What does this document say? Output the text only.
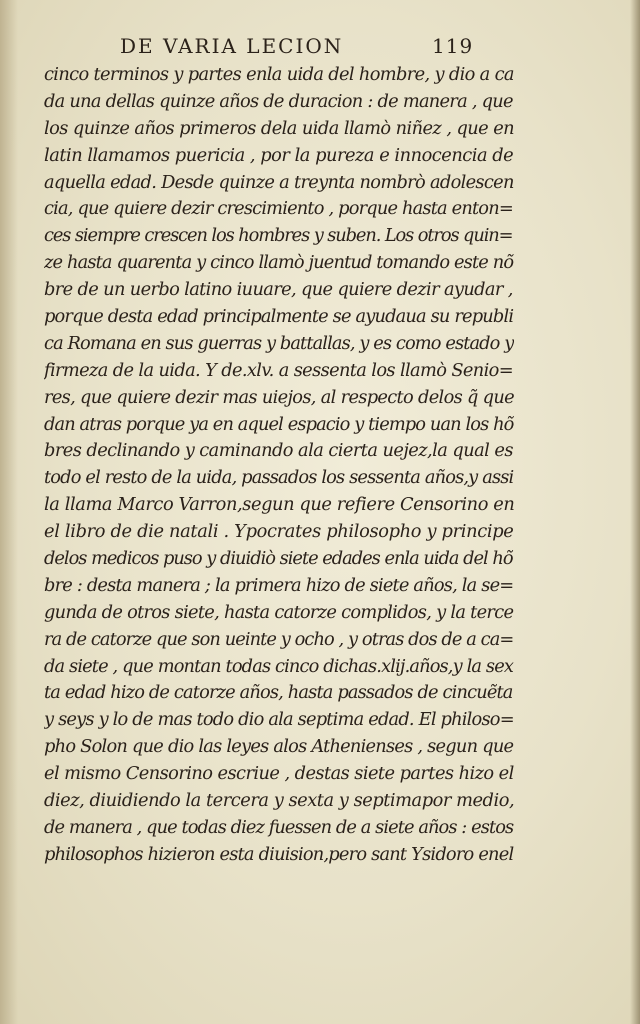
DE VARIA LECION	119
cinco terminos y partes enla uida del hombre, y dio a ca
da una dellas quinze años de duracion : de manera , que
los quinze años primeros dela uida llamò niñez , que en
latin llamamos puericia , por la pureza e innocencia de
aquella edad. Desde quinze a treynta nombrò adolescen
cia, que quiere dezir crescimiento , porque hasta enton=
ces siempre crescen los hombres y suben. Los otros quin=
ze hasta quarenta y cinco llamò juentud tomando este nõ
bre de un uerbo latino iuuare, que quiere dezir ayudar ,
porque desta edad principalmente se ayudaua su republi
ca Romana en sus guerras y battallas, y es como estado y
firmeza de la uida. Y de.xlv. a sessenta los llamò Senio=
res, que quiere dezir mas uiejos, al respecto delos q̃ que
dan atras porque ya en aquel espacio y tiempo uan los hõ
bres declinando y caminando ala cierta uejez,la qual es
todo el resto de la uida, passados los sessenta años,y assi
la llama Marco Varron,segun que refiere Censorino en
el libro de die natali . Ypocrates philosopho y principe
delos medicos puso y diuidiò siete edades enla uida del hõ
bre : desta manera ; la primera hizo de siete años, la se=
gunda de otros siete, hasta catorze complidos, y la terce
ra de catorze que son ueinte y ocho , y otras dos de a ca=
da siete , que montan todas cinco dichas.xlij.años,y la sex
ta edad hizo de catorze años, hasta passados de cincuẽta
y seys y lo de mas todo dio ala septima edad. El philoso=
pho Solon que dio las leyes alos Athenienses , segun que
el mismo Censorino escriue , destas siete partes hizo el
diez, diuidiendo la tercera y sexta y septimapor medio,
de manera , que todas diez fuessen de a siete años : estos
philosophos hizieron esta diuision,pero sant Ysidoro enel
